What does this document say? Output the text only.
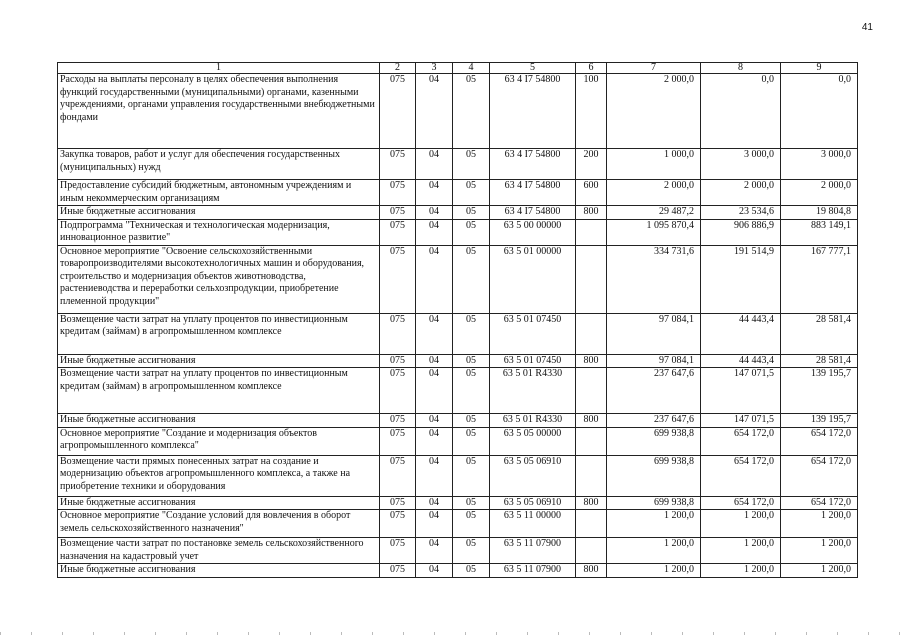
41
1	2	3	4	5	6	7	8	9
Расходы на выплаты персоналу в целях обеспечения выполнения функций государственными (муниципальными) органами, казенными учреждениями, органами управления государственными внебюджетными фондами	075	04	05	63 4 I7 54800	100	2 000,0	0,0	0,0
Закупка товаров, работ и услуг для обеспечения государственных (муниципальных) нужд	075	04	05	63 4 I7 54800	200	1 000,0	3 000,0	3 000,0
Предоставление субсидий бюджетным, автономным учреждениям и иным некоммерческим организациям	075	04	05	63 4 I7 54800	600	2 000,0	2 000,0	2 000,0
Иные бюджетные ассигнования	075	04	05	63 4 I7 54800	800	29 487,2	23 534,6	19 804,8
Подпрограмма "Техническая и технологическая модернизация, инновационное развитие"	075	04	05	63 5 00 00000		1 095 870,4	906 886,9	883 149,1
Основное мероприятие "Освоение сельскохозяйственными товаропроизводителями высокотехнологичных машин и оборудования, строительство и модернизация объектов животноводства, растениеводства и переработки сельхозпродукции, приобретение племенной продукции"	075	04	05	63 5 01 00000		334 731,6	191 514,9	167 777,1
Возмещение части затрат на уплату процентов по инвестиционным кредитам (займам) в агропромышленном комплексе	075	04	05	63 5 01 07450		97 084,1	44 443,4	28 581,4
Иные бюджетные ассигнования	075	04	05	63 5 01 07450	800	97 084,1	44 443,4	28 581,4
Возмещение части затрат на уплату процентов по инвестиционным кредитам (займам) в агропромышленном комплексе	075	04	05	63 5 01 R4330		237 647,6	147 071,5	139 195,7
Иные бюджетные ассигнования	075	04	05	63 5 01 R4330	800	237 647,6	147 071,5	139 195,7
Основное мероприятие "Создание и модернизация объектов агропромышленного комплекса"	075	04	05	63 5 05 00000		699 938,8	654 172,0	654 172,0
Возмещение части прямых понесенных затрат на создание и модернизацию объектов агропромышленного комплекса, а также на приобретение техники и оборудования	075	04	05	63 5 05 06910		699 938,8	654 172,0	654 172,0
Иные бюджетные ассигнования	075	04	05	63 5 05 06910	800	699 938,8	654 172,0	654 172,0
Основное мероприятие "Создание условий для вовлечения в оборот земель сельскохозяйственного назначения"	075	04	05	63 5 11 00000		1 200,0	1 200,0	1 200,0
Возмещение части затрат по постановке земель сельскохозяйственного назначения на кадастровый учет	075	04	05	63 5 11 07900		1 200,0	1 200,0	1 200,0
Иные бюджетные ассигнования	075	04	05	63 5 11 07900	800	1 200,0	1 200,0	1 200,0
